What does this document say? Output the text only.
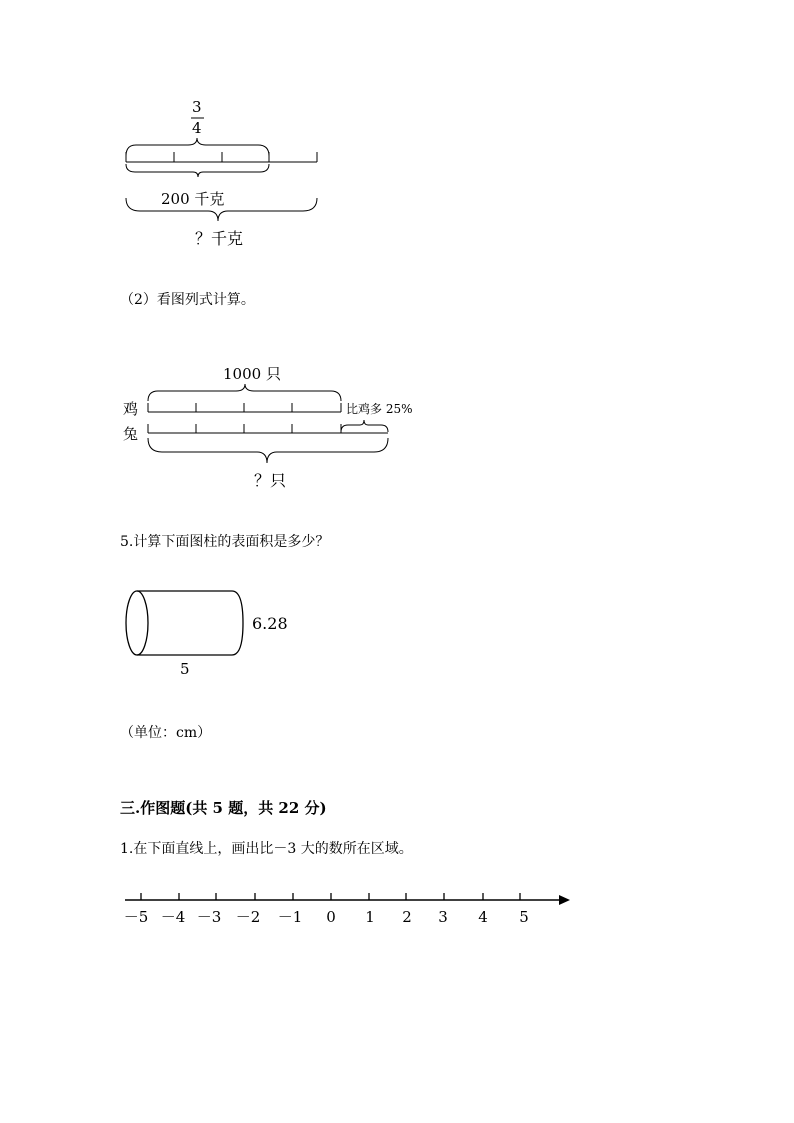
3
4
200 千克
？千克
（2）看图列式计算。
1000 只
鸡
兔
比鸡多 25%
？只
5.计算下面图柱的表面积是多少？
6.28
5
（单位：cm）
三.作图题(共 5 题，共 22 分)
1.在下面直线上，画出比－3 大的数所在区域。
－5 －4 －3 －2 －1 0 1 2 3 4 5
